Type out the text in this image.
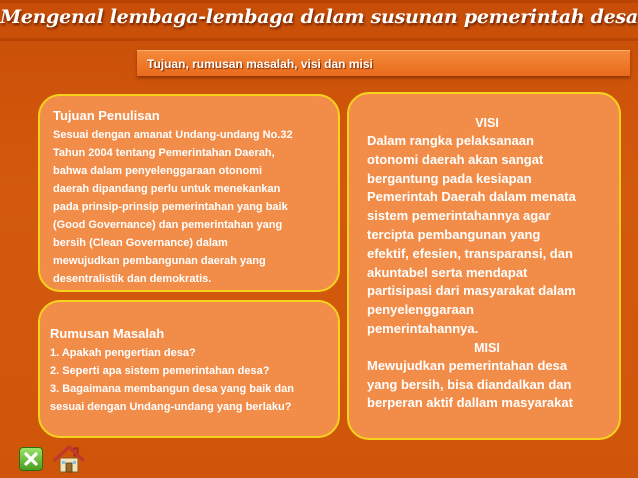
Mengenal lembaga-lembaga dalam susunan pemerintah desa
Tujuan, rumusan masalah, visi dan misi
Tujuan Penulisan
Sesuai dengan amanat Undang-undang No.32
Tahun 2004 tentang Pemerintahan Daerah,
bahwa dalam penyelenggaraan otonomi
daerah dipandang perlu untuk menekankan
pada prinsip-prinsip pemerintahan yang baik
(Good Governance) dan pemerintahan yang
bersih (Clean Governance) dalam
mewujudkan pembangunan daerah yang
desentralistik dan demokratis.
Rumusan Masalah
1. Apakah pengertian desa?
2. Seperti apa sistem pemerintahan desa?
3. Bagaimana membangun desa yang baik dan
sesuai dengan Undang-undang yang berlaku?
VISI
Dalam rangka pelaksanaan
otonomi daerah akan sangat
bergantung pada kesiapan
Pemerintah Daerah dalam menata
sistem pemerintahannya agar
tercipta pembangunan yang
efektif, efesien, transparansi, dan
akuntabel serta mendapat
partisipasi dari masyarakat dalam
penyelenggaraan
pemerintahannya.
MISI
Mewujudkan pemerintahan desa
yang bersih, bisa diandalkan dan
berperan aktif dallam masyarakat
